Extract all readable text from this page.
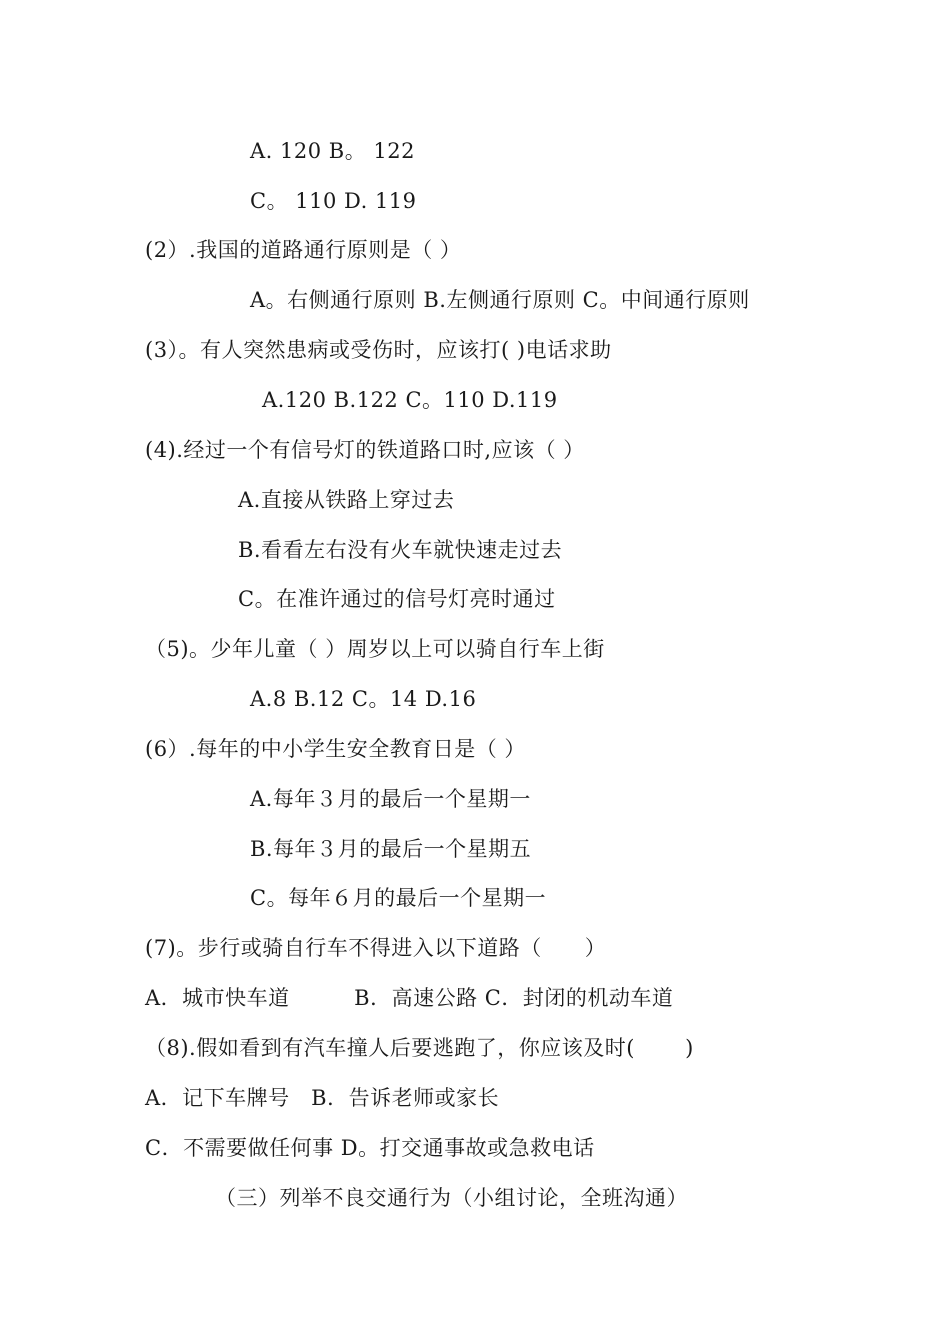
A. 120 B。 122
C。 110 D. 119
(2）.我国的道路通行原则是（ ）
A。右侧通行原则 B.左侧通行原则 C。中间通行原则
(3）。有人突然患病或受伤时，应该打( )电话求助
A.120 B.122 C。110 D.119
(4).经过一个有信号灯的铁道路口时,应该（ ）
A.直接从铁路上穿过去
B.看看左右没有火车就快速走过去
C。在准许通过的信号灯亮时通过
（5)。少年儿童（ ）周岁以上可以骑自行车上街
A.8 B.12 C。14 D.16
(6）.每年的中小学生安全教育日是（ ）
A.每年３月的最后一个星期一
B.每年３月的最后一个星期五
C。每年６月的最后一个星期一
(7)。步行或骑自行车不得进入以下道路（　　）
A．城市快车道　　　B．高速公路 C．封闭的机动车道
（8).假如看到有汽车撞人后要逃跑了，你应该及时(　　 )
A．记下车牌号　B．告诉老师或家长
C．不需要做任何事 D。打交通事故或急救电话
（三）列举不良交通行为（小组讨论，全班沟通）
